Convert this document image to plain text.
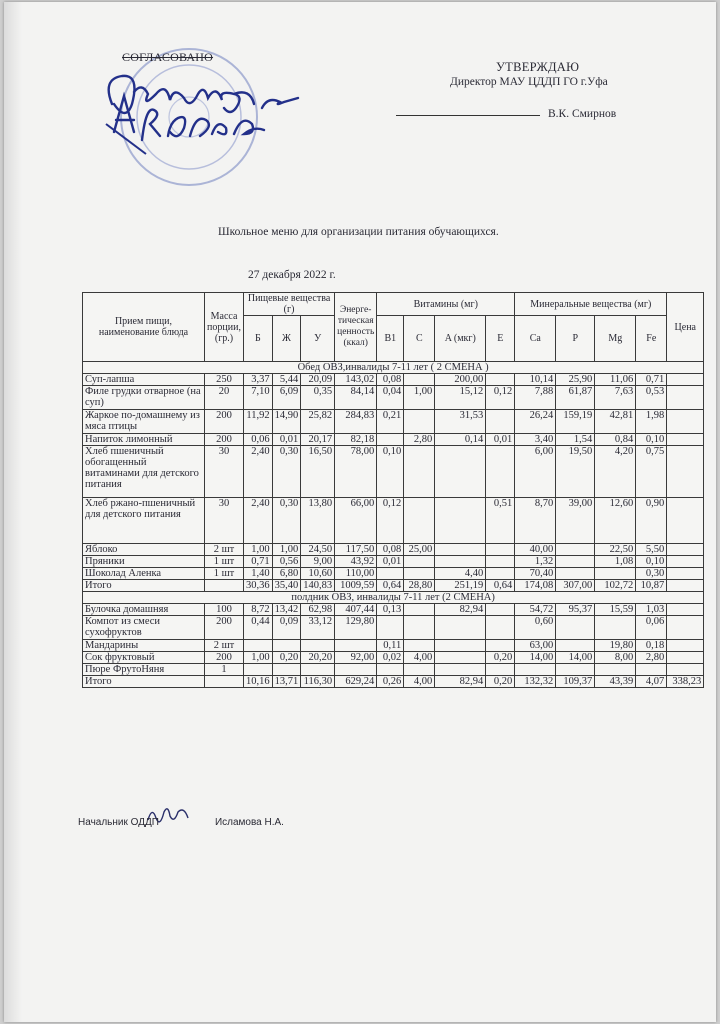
СОГЛАСОВАНО
УТВЕРЖДАЮ
Директор МАУ ЦДДП ГО г.Уфа
В.К. Смирнов
Школьное меню для организации питания обучающихся.
27 декабря 2022 г.
Прием пищи, наименование блюда	Масса порции, (гр.)	Пищевые вещества (г)			Энерге-тическая ценность (ккал)	Витамины (мг)				Минеральные вещества (мг)				Цена
		Б	Ж	У		B1	C	A (мкг)	E	Ca	P	Mg	Fe	
Обед ОВЗ,инвалиды 7-11 лет ( 2 СМЕНА )														
Суп-лапша	250	3,37	5,44	20,09	143,02	0,08		200,00		10,14	25,90	11,06	0,71	
Филе грудки отварное (на суп)	20	7,10	6,09	0,35	84,14	0,04	1,00	15,12	0,12	7,88	61,87	7,63	0,53	
Жаркое по-домашнему из мяса птицы	200	11,92	14,90	25,82	284,83	0,21		31,53		26,24	159,19	42,81	1,98	
Напиток лимонный	200	0,06	0,01	20,17	82,18		2,80	0,14	0,01	3,40	1,54	0,84	0,10	
Хлеб пшеничный обогащенный витаминами для детского питания	30	2,40	0,30	16,50	78,00	0,10				6,00	19,50	4,20	0,75	
Хлеб ржано-пшеничный для детского питания	30	2,40	0,30	13,80	66,00	0,12			0,51	8,70	39,00	12,60	0,90	
Яблоко	2 шт	1,00	1,00	24,50	117,50	0,08	25,00			40,00		22,50	5,50	
Пряники	1 шт	0,71	0,56	9,00	43,92	0,01				1,32		1,08	0,10	
Шоколад Аленка	1 шт	1,40	6,80	10,60	110,00			4,40		70,40			0,30	
Итого		30,36	35,40	140,83	1009,59	0,64	28,80	251,19	0,64	174,08	307,00	102,72	10,87	
полдник ОВЗ, инвалиды 7-11 лет (2 СМЕНА)														
Булочка домашняя	100	8,72	13,42	62,98	407,44	0,13		82,94		54,72	95,37	15,59	1,03	
Компот из смеси сухофруктов	200	0,44	0,09	33,12	129,80					0,60			0,06	
Мандарины	2 шт					0,11				63,00		19,80	0,18	
Сок фруктовый	200	1,00	0,20	20,20	92,00	0,02	4,00		0,20	14,00	14,00	8,00	2,80	
Пюре ФрутоНяня	1													
Итого		10,16	13,71	116,30	629,24	0,26	4,00	82,94	0,20	132,32	109,37	43,39	4,07	338,23
Начальник ОДДП	Исламова Н.А.
